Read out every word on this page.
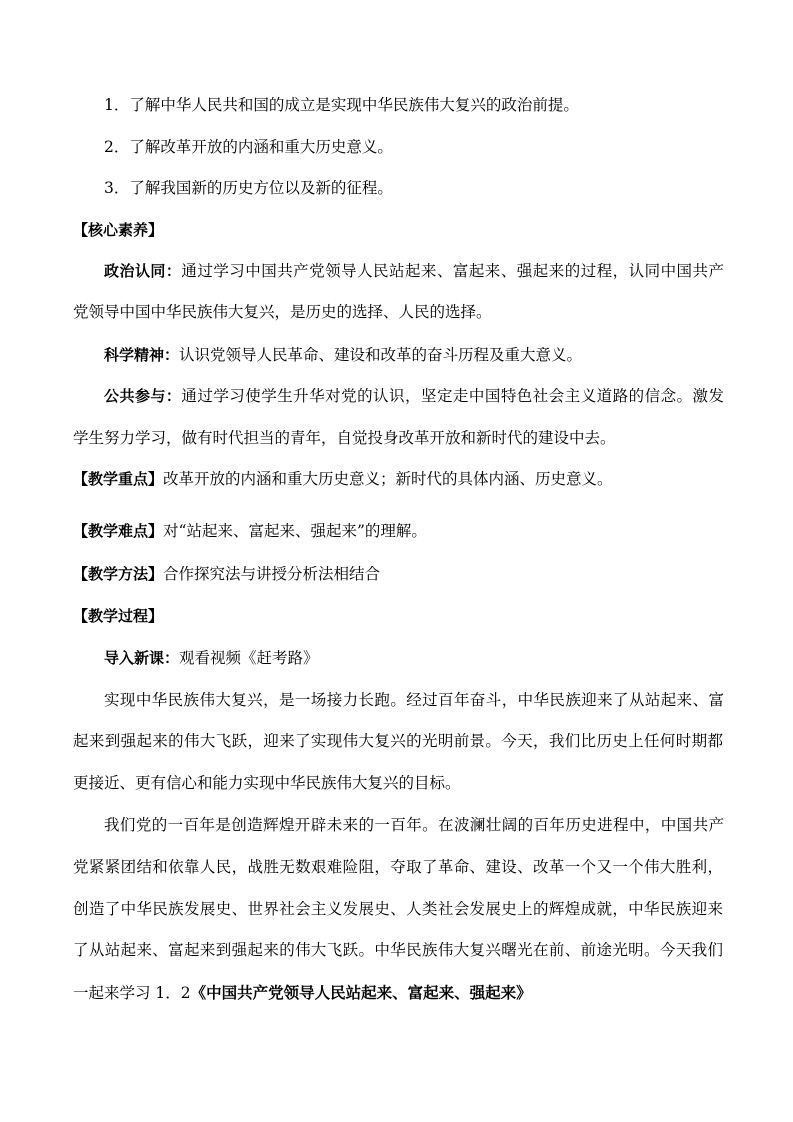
1．了解中华人民共和国的成立是实现中华民族伟大复兴的政治前提。
2．了解改革开放的内涵和重大历史意义。
3．了解我国新的历史方位以及新的征程。
【核心素养】
政治认同：通过学习中国共产党领导人民站起来、富起来、强起来的过程，认同中国共产
党领导中国中华民族伟大复兴，是历史的选择、人民的选择。
科学精神：认识党领导人民革命、建设和改革的奋斗历程及重大意义。
公共参与：通过学习使学生升华对党的认识，坚定走中国特色社会主义道路的信念。激发
学生努力学习，做有时代担当的青年，自觉投身改革开放和新时代的建设中去。
【教学重点】改革开放的内涵和重大历史意义；新时代的具体内涵、历史意义。
【教学难点】对“站起来、富起来、强起来”的理解。
【教学方法】合作探究法与讲授分析法相结合
【教学过程】
导入新课：观看视频《赶考路》
实现中华民族伟大复兴，是一场接力长跑。经过百年奋斗，中华民族迎来了从站起来、富
起来到强起来的伟大飞跃，迎来了实现伟大复兴的光明前景。今天，我们比历史上任何时期都
更接近、更有信心和能力实现中华民族伟大复兴的目标。
我们党的一百年是创造辉煌开辟未来的一百年。在波澜壮阔的百年历史进程中，中国共产
党紧紧团结和依靠人民，战胜无数艰难险阻，夺取了革命、建设、改革一个又一个伟大胜利，
创造了中华民族发展史、世界社会主义发展史、人类社会发展史上的辉煌成就，中华民族迎来
了从站起来、富起来到强起来的伟大飞跃。中华民族伟大复兴曙光在前、前途光明。今天我们
一起来学习 1．2《中国共产党领导人民站起来、富起来、强起来》
